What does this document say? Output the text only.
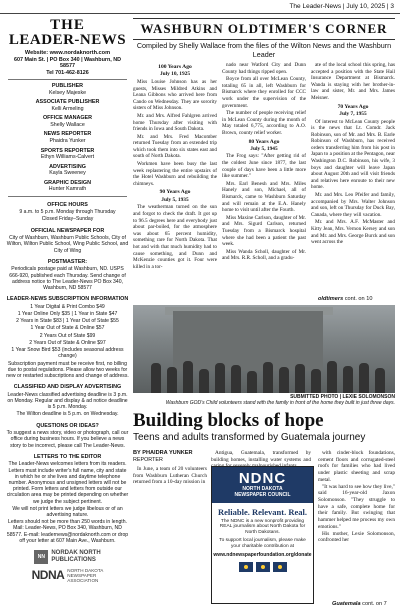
The Leader-News | July 10, 2025 | 3
THE
LEADER-NEWS
Website: www.nordaknorth.com
607 Main St. | PO Box 340 | Washburn, ND 58577
Tel 701-462-8126
PUBLISHER
Kelsey Majeske
ASSOCIATE PUBLISHER
Kelli Armeling
OFFICE MANAGER
Shelly Wallace
NEWS REPORTER
Phaidra Yunker
SPORTS REPORTER
Ethyn Williams-Calvert
ADVERTISING
Kayla Sweeney
GRAPHIC DESIGN
Hunter Kamrath
OFFICE HOURS
9 a.m. to 5 p.m. Monday through Thursday
Closed Friday–Sunday
OFFICIAL NEWSPAPER FOR
City of Washburn, Washburn Public Schools, City of Wilton, Wilton Public School, Wing Public School, and City of Wing
POSTMASTER:
Periodicals postage paid at Washburn, ND. USPS 666-920, published each Thursday. Send change of address notice to The Leader-News PO Box 340, Washburn, ND 58577
LEADER-NEWS SUBSCRIPTION INFORMATION
1 Year Digital & Print Combo $49
1 Year Online Only $35 | 1 Year in State $47
2 Years in State $83 | 1 Year Out of State $55
1 Year Out of State & Online $57
2 Years Out of State $99
2 Years Out of State & Online $97
1 Year Snow Bird $53 (includes seasonal address change)
Subscription payment must be receive first, no billing due to postal regulations. Please allow two weeks for new or restarted subscriptions and change of address.
CLASSIFIED AND DISPLAY ADVERTISING
Leader-News classified advertising deadline is 3 p.m. on Monday. Regular and display & ad notice deadline is 5 p.m. Monday.
The Wilton deadline is 5 p.m. on Wednesday.
QUESTIONS OR IDEAS?
To suggest a news story, video or photograph, call our office during business hours. If you believe a news story to be incorrect, please call The Leader-News.
LETTERS TO THE EDITOR
The Leader-News welcomes letters from its readers. Letters must include writer's full name, city and state in which he or she lives and daytime telephone number. Anonymous and unsigned letters will not be printed. Form letters and letters from outside our circulation area may be printed depending on whether we judge the subject pertinent.
We will not print letters we judge libelous or of an advertising nature.
Letters should not be more than 250 words in length. Mail: Leader-News, PO Box 340, Washburn, ND 58577. E-mail: leadernews@nordaknorth.com or drop off your letter at 607 Main Ave., Washburn.
NN
NORDAK NORTH
PUBLICATIONS
NDNA NORTH DAKOTA
NEWSPAPER
ASSOCIATION
WASHBURN OLDTIMER'S CORNER
Compiled by Shelly Wallace from the files of the Wilton News and the Washburn Leader
100 Years Ago
July 10, 1925

Miss Louise Johnson has as her guests, Misses Mildred Atkins and Leana Gibbons who arrived here from Cando on Wednesday. They are sorority sisters of Miss Johnson.

Mr. and Mrs. Alfred Fahlgren arrived home Thursday after visiting with friends in Iowa and South Dakota.

Mr. and Mrs. Fred Macomber returned Tuesday from an extended trip which took them into six states east and south of North Dakota.

Workmen have been busy the last week replastering the entire upstairs of the Hotel Washburn and rebuilding the chimneys.

90 Years Ago
July 5, 1935

The weatherman turned on the sun and forgot to check the draft. It got up to 96.5 degrees here and everybody just about par-boiled, for the atmosphere was about 65 percent humidity, something rare for North Dakota. That hot and with that much humidity had to cause something, and Dunn and McKenzie counties got it. Four were killed in a tor-

nado near Watford City and Dunn County had things ripped open.

Boyce from all over McLean County, totaling 65 in all, left Washburn for Bismarck where they enrolled for CCC work under the supervision of the government.

The number of people receiving relief in McLean County during the month of May totaled 6,775, according to A.O. Brown, county relief worker.

80 Years Ago
July 5, 1945

The Frog says: "After getting rid of the coldest June since 1877, the last couple of days have been a little more like summer."

Mrs. Earl Benesh and Mrs. Miles Hanely and son, Michael, all of Bismarck, came to Washburn Saturday and will remain at the E.A. Hanely home to visit until after the Fourth.

Miss Maxine Carlson, daughter of Mr. and Mrs. Sigurd Carlson, returned Tuesday from a Bismarck hospital where she had been a patient the past week.

Miss Wanda Scholl, daughter of Mr. and Mrs. R.R. Scholl, and a gradu-

ate of the local school this spring, has accepted a position with the State Hail Insurance Department at Bismarck. Wanda is staying with her brother-in-law and sister, Mr. and Mrs. James Meisner.

70 Years Ago
July 7, 1955

Of interest to McLean County people is the news that Lt. Comdr. Jack Robinson, son of Mr. and Mrs. B. Earle Robinson of Washburn, has received orders transferring him from his post in Japan to a position at the Pentagon, near Washington D.C. Robinson, his wife, 3 boys and daughter will leave Japan about August 20th and will visit friends and relatives here enroute to their new home.

Mr. and Mrs. Leo Pfeifer and family, accompanied by Mrs. Walter Johnson and son, left on Thursday for Duck Bay, Canada, where they will vacation.

Mr. and Mrs. A.F. McMaster and Kitty Jean, Mrs. Vernon Kersey and son and Mr. and Mrs. George Burck and son went across the

oldtimers cont. on 10
SUBMITTED PHOTO | LEXIE SOLOMONSON
Washburn GOD's Child volunteers stand with the family in front of the home they built in just three days.
Building blocks of hope
Teens and adults transformed by Guatemala journey
BY PHAIDRA YUNKER
REPORTER

In June, a team of 20 volunteers from Washburn Lutheran Church returned from a 10-day mission in

Antigua, Guatemala, transformed by building homes, installing water systems and

with cinder-block foundations, cement floors and corrugated-steel roofs for families who had lived under plastic sheeting and scrap metal.

"It was hard to see how they live," said 16-year-old Jaxon Solomonson. "They struggle to have a safe, complete home for their family. But swinging that hammer helped me process my own emotions."

His mother, Lexie Solomonson, confronted her

NDNC
NORTH DAKOTA
NEWSPAPER COUNCIL
Reliable. Relevant. Real.
The NDNC is a new nonprofit providing REAL journalism about North Dakota for North Dakotans.
To support local journalism, please make your charitable contribution at
www.ndnewspaperfoundation.org/donate
Guatemala cont. on 7
